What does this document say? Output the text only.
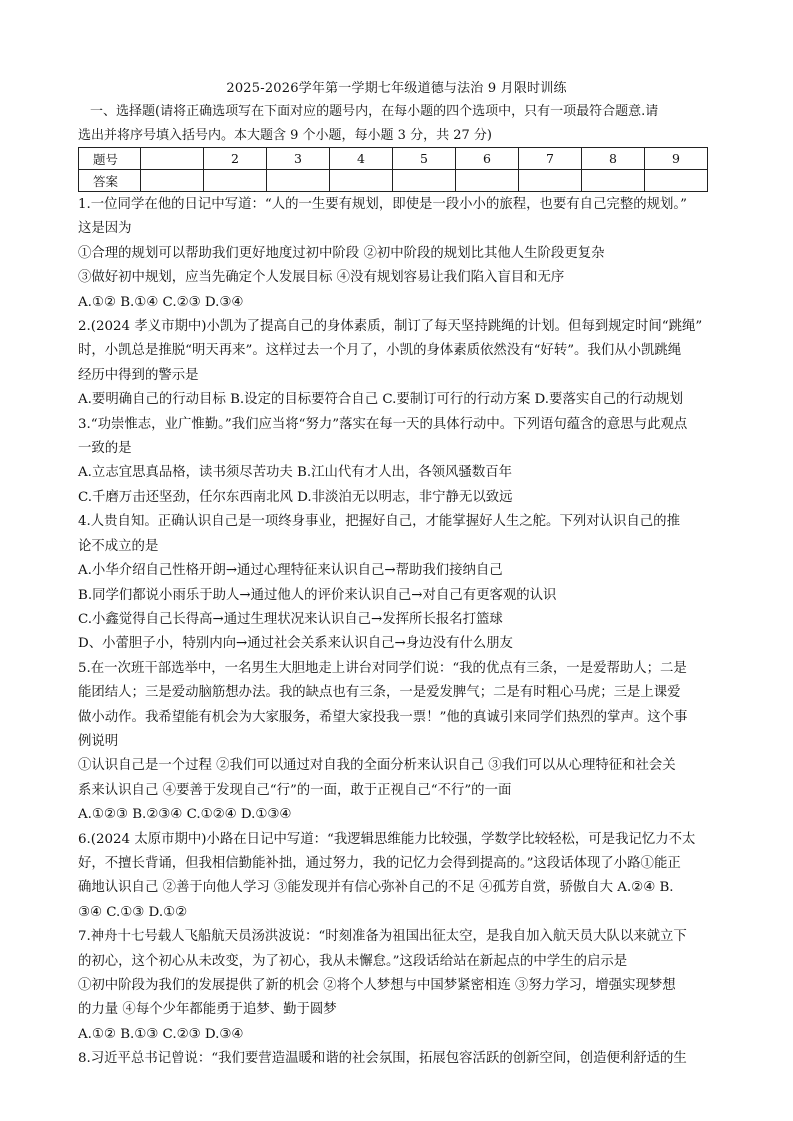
2025-2026学年第一学期七年级道德与法治 9 月限时训练
一、选择题(请将正确选项写在下面对应的题号内，在每小题的四个选项中，只有一项最符合题意.请
选出并将序号填入括号内。本大题含 9 个小题，每小题 3 分，共 27 分)
题号		2	3	4	5	6	7	8	9
答案									

1.一位同学在他的日记中写道：“人的一生要有规划，即使是一段小小的旅程，也要有自己完整的规划。”

这是因为

①合理的规划可以帮助我们更好地度过初中阶段 ②初中阶段的规划比其他人生阶段更复杂

③做好初中规划，应当先确定个人发展目标 ④没有规划容易让我们陷入盲目和无序

A.①② B.①④ C.②③ D.③④

2.(2024 孝义市期中)小凯为了提高自己的身体素质，制订了每天坚持跳绳的计划。但每到规定时间“跳绳”

时，小凯总是推脱“明天再来”。这样过去一个月了，小凯的身体素质依然没有“好转”。我们从小凯跳绳

经历中得到的警示是

A.要明确自己的行动目标 B.设定的目标要符合自己 C.要制订可行的行动方案 D.要落实自己的行动规划

3.“功崇惟志，业广惟勤。”我们应当将“努力”落实在每一天的具体行动中。下列语句蕴含的意思与此观点

一致的是

A.立志宜思真品格，读书须尽苦功夫 B.江山代有才人出，各领风骚数百年

C.千磨万击还坚劲，任尔东西南北风 D.非淡泊无以明志，非宁静无以致远

4.人贵自知。正确认识自己是一项终身事业，把握好自己，才能掌握好人生之舵。下列对认识自己的推

论不成立的是

A.小华介绍自己性格开朗→通过心理特征来认识自己→帮助我们接纳自己

B.同学们都说小雨乐于助人→通过他人的评价来认识自己→对自己有更客观的认识

C.小鑫觉得自己长得高→通过生理状况来认识自己→发挥所长报名打篮球

D、小蕾胆子小，特别内向→通过社会关系来认识自己→身边没有什么朋友

5.在一次班干部选举中，一名男生大胆地走上讲台对同学们说：“我的优点有三条，一是爱帮助人；二是

能团结人；三是爱动脑筋想办法。我的缺点也有三条，一是爱发脾气；二是有时粗心马虎；三是上课爱

做小动作。我希望能有机会为大家服务，希望大家投我一票！”他的真诚引来同学们热烈的掌声。这个事

例说明

①认识自己是一个过程 ②我们可以通过对自我的全面分析来认识自己 ③我们可以从心理特征和社会关

系来认识自己 ④要善于发现自己“行”的一面，敢于正视自己“不行”的一面

A.①②③ B.②③④ C.①②④ D.①③④

6.(2024 太原市期中)小路在日记中写道：“我逻辑思维能力比较强，学数学比较轻松，可是我记忆力不太

好，不擅长背诵，但我相信勤能补拙，通过努力，我的记忆力会得到提高的。”这段话体现了小路①能正

确地认识自己 ②善于向他人学习 ③能发现并有信心弥补自己的不足 ④孤芳自赏，骄傲自大 A.②④ B.

③④ C.①③ D.①②

7.神舟十七号载人飞船航天员汤洪波说：“时刻准备为祖国出征太空，是我自加入航天员大队以来就立下

的初心，这个初心从未改变，为了初心，我从未懈怠。”这段话给站在新起点的中学生的启示是

①初中阶段为我们的发展提供了新的机会 ②将个人梦想与中国梦紧密相连 ③努力学习，增强实现梦想

的力量 ④每个少年都能勇于追梦、勤于圆梦

A.①② B.①③ C.②③ D.③④

8.习近平总书记曾说：“我们要营造温暖和谐的社会氛围，拓展包容活跃的创新空间，创造便利舒适的生
